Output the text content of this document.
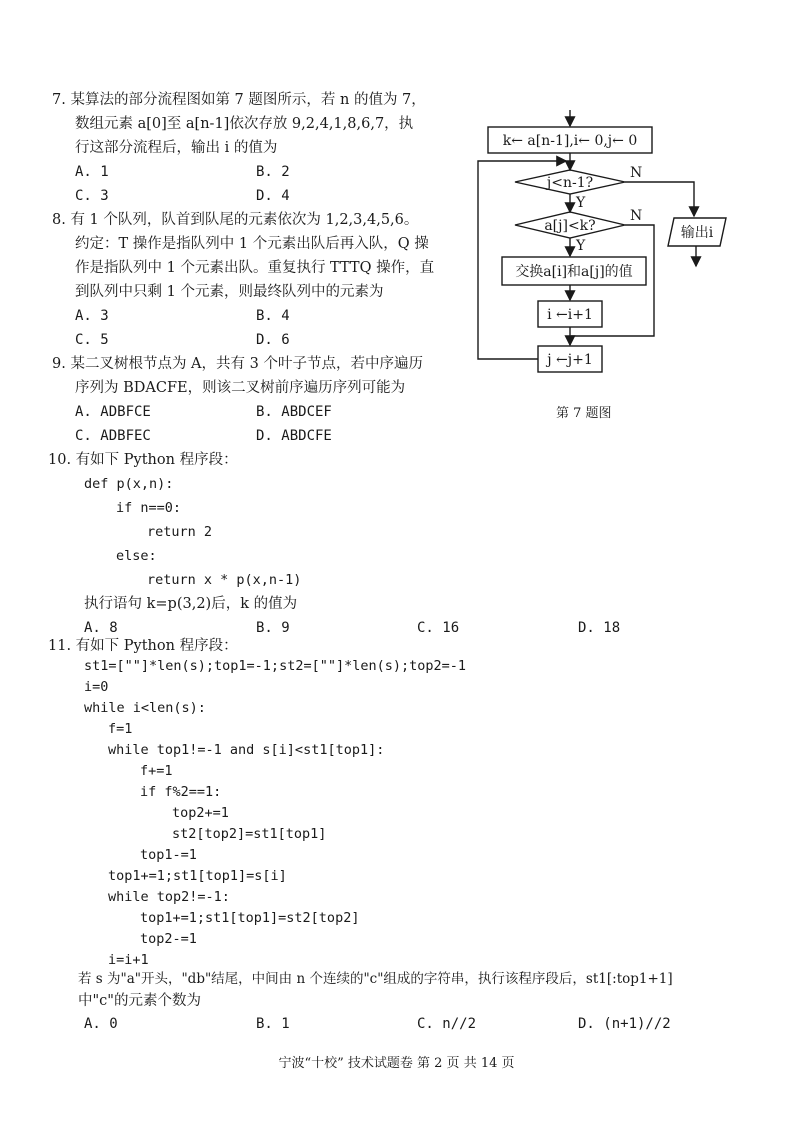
7. 某算法的部分流程图如第 7 题图所示，若 n 的值为 7，
数组元素 a[0]至 a[n-1]依次存放 9,2,4,1,8,6,7，执
行这部分流程后，输出 i 的值为
A. 1	B. 2
C. 3	D. 4
8. 有 1 个队列，队首到队尾的元素依次为 1,2,3,4,5,6。
约定：T 操作是指队列中 1 个元素出队后再入队，Q 操
作是指队列中 1 个元素出队。重复执行 TTTQ 操作，直
到队列中只剩 1 个元素，则最终队列中的元素为
A. 3	B. 4
C. 5	D. 6
9. 某二叉树根节点为 A，共有 3 个叶子节点，若中序遍历
序列为 BDACFE，则该二叉树前序遍历序列可能为
A. ADBFCE	B. ABDCEF
C. ADBFEC	D. ABDCFE
10. 有如下 Python 程序段：
def p(x,n):
if n==0:
return 2
else:
return x * p(x,n-1)
执行语句 k=p(3,2)后，k 的值为
A. 8	B. 9	C. 16	D. 18
11. 有如下 Python 程序段：
st1=[""]*len(s);top1=-1;st2=[""]*len(s);top2=-1
i=0
while i<len(s):
f=1
while top1!=-1 and s[i]<st1[top1]:
f+=1
if f%2==1:
top2+=1
st2[top2]=st1[top1]
top1-=1
top1+=1;st1[top1]=s[i]
while top2!=-1:
top1+=1;st1[top1]=st2[top2]
top2-=1
i=i+1
若 s 为"a"开头，"db"结尾，中间由 n 个连续的"c"组成的字符串，执行该程序段后，st1[:top1+1]
中"c"的元素个数为
A. 0	B. 1	C. n//2	D. (n+1)//2
k← a[n-1],i← 0,j← 0
j<n-1?
a[j]<k?
交换a[i]和a[j]的值
i ←i+1
j ←j+1
输出i
Y
Y
N
N
第 7 题图
宁波“十校” 技术试题卷 第 2 页 共 14 页
